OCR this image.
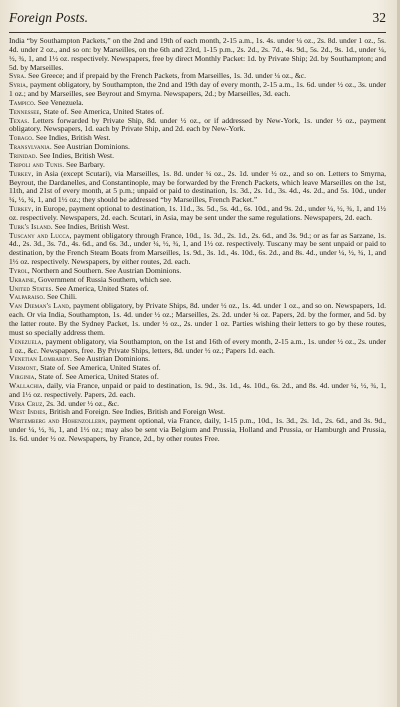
Foreign Posts.	32

India “by Southampton Packets,” on the 2nd and 19th of each month, 2-15 a.m., 1s. 4s. under ¼ oz., 2s. 8d. under 1 oz., 5s. 4d. under 2 oz., and so on: by Marseilles, on the 6th and 23rd, 1-15 p.m., 2s. 2d., 2s. 7d., 4s. 9d., 5s. 2d., 9s. 1d., under ¼, ½, ¾, 1, and 1½ oz. respectively. Newspapers, free by direct Monthly Packet: 1d. by Private Ship; 2d. by Southampton; and 5d. by Marseilles.

Syra. See Greece; and if prepaid by the French Packets, from Marseilles, 1s. 3d. under ¼ oz., &c.

Syria, payment obligatory, by Southampton, the 2nd and 19th day of every month, 2-15 a.m., 1s. 6d. under ½ oz., 3s. under 1 oz.; and by Marseilles, see Beyrout and Smyrna. Newspapers, 2d.; by Marseilles, 3d. each.

Tampico. See Venezuela.

Tennessee, State of. See America, United States of.

Texas. Letters forwarded by Private Ship, 8d. under ½ oz., or if addressed by New-York, 1s. under ½ oz., payment obligatory. Newspapers, 1d. each by Private Ship, and 2d. each by New-York.

Tobago. See Indies, British West.

Transylvania. See Austrian Dominions.

Trinidad. See Indies, British West.

Tripoli and Tunis. See Barbary.

Turkey, in Asia (except Scutari), via Marseilles, 1s. 8d. under ¼ oz., 2s. 1d. under ½ oz., and so on. Letters to Smyrna, Beyrout, the Dardanelles, and Constantinople, may be forwarded by the French Packets, which leave Marseilles on the 1st, 11th, and 21st of every month, at 5 p.m.; unpaid or paid to destination, 1s. 3d., 2s. 1d., 3s. 4d., 4s. 2d., and 5s. 10d., under ¼, ½, ¾, 1, and 1½ oz.; they should be addressed “by Marseilles, French Packet.”

Turkey, in Europe, payment optional to destination, 1s. 11d., 3s. 5d., 5s. 4d., 6s. 10d., and 9s. 2d., under ¼, ½, ¾, 1, and 1½ oz. respectively. Newspapers, 2d. each. Scutari, in Asia, may be sent under the same regulations. Newspapers, 2d. each.

Turk's Island. See Indies, British West.

Tuscany and Lucca, payment obligatory through France, 10d., 1s. 3d., 2s. 1d., 2s. 6d., and 3s. 9d.; or as far as Sarzane, 1s. 4d., 2s. 3d., 3s. 7d., 4s. 6d., and 6s. 3d., under ¼, ½, ¾, 1, and 1½ oz. respectively. Tuscany may be sent unpaid or paid to destination, by the French Steam Boats from Marseilles, 1s. 9d., 3s. 1d., 4s. 10d., 6s. 2d., and 8s. 4d., under ¼, ½, ¾, 1, and 1½ oz. respectively. Newspapers, by either routes, 2d. each.

Tyrol, Northern and Southern. See Austrian Dominions.

Ukraine, Government of Russia Southern, which see.

United States. See America, United States of.

Valparaiso. See Chili.

Van Dieman's Land, payment obligatory, by Private Ships, 8d. under ½ oz., 1s. 4d. under 1 oz., and so on. Newspapers, 1d. each. Or via India, Southampton, 1s. 4d. under ½ oz.; Marseilles, 2s. 2d. under ¼ oz. Papers, 2d. by the former, and 5d. by the latter route. By the Sydney Packet, 1s. under ½ oz., 2s. under 1 oz. Parties wishing their letters to go by these routes, must so specially address them.

Venezuela, payment obligatory, via Southampton, on the 1st and 16th of every month, 2-15 a.m., 1s. under ½ oz., 2s. under 1 oz., &c. Newspapers, free. By Private Ships, letters, 8d. under ½ oz.; Papers 1d. each.

Venetian Lombardy. See Austrian Dominions.

Vermont, State of. See America, United States of.

Virginia, State of. See America, United States of.

Wallachia, daily, via France, unpaid or paid to destination, 1s. 9d., 3s. 1d., 4s. 10d., 6s. 2d., and 8s. 4d. under ¼, ½, ¾, 1, and 1½ oz. respectively. Papers, 2d. each.

Vera Cruz, 2s. 3d. under ½ oz., &c.

West Indies, British and Foreign. See Indies, British and Foreign West.

Wirtemberg and Hohenzollern, payment optional, via France, daily, 1-15 p.m., 10d., 1s. 3d., 2s. 1d., 2s. 6d., and 3s. 9d., under ¼, ½, ¾, 1, and 1½ oz.; may also be sent via Belgium and Prussia, Holland and Prussia, or Hamburgh and Prussia, 1s. 6d. under ½ oz. Newspapers, by France, 2d., by other routes Free.
